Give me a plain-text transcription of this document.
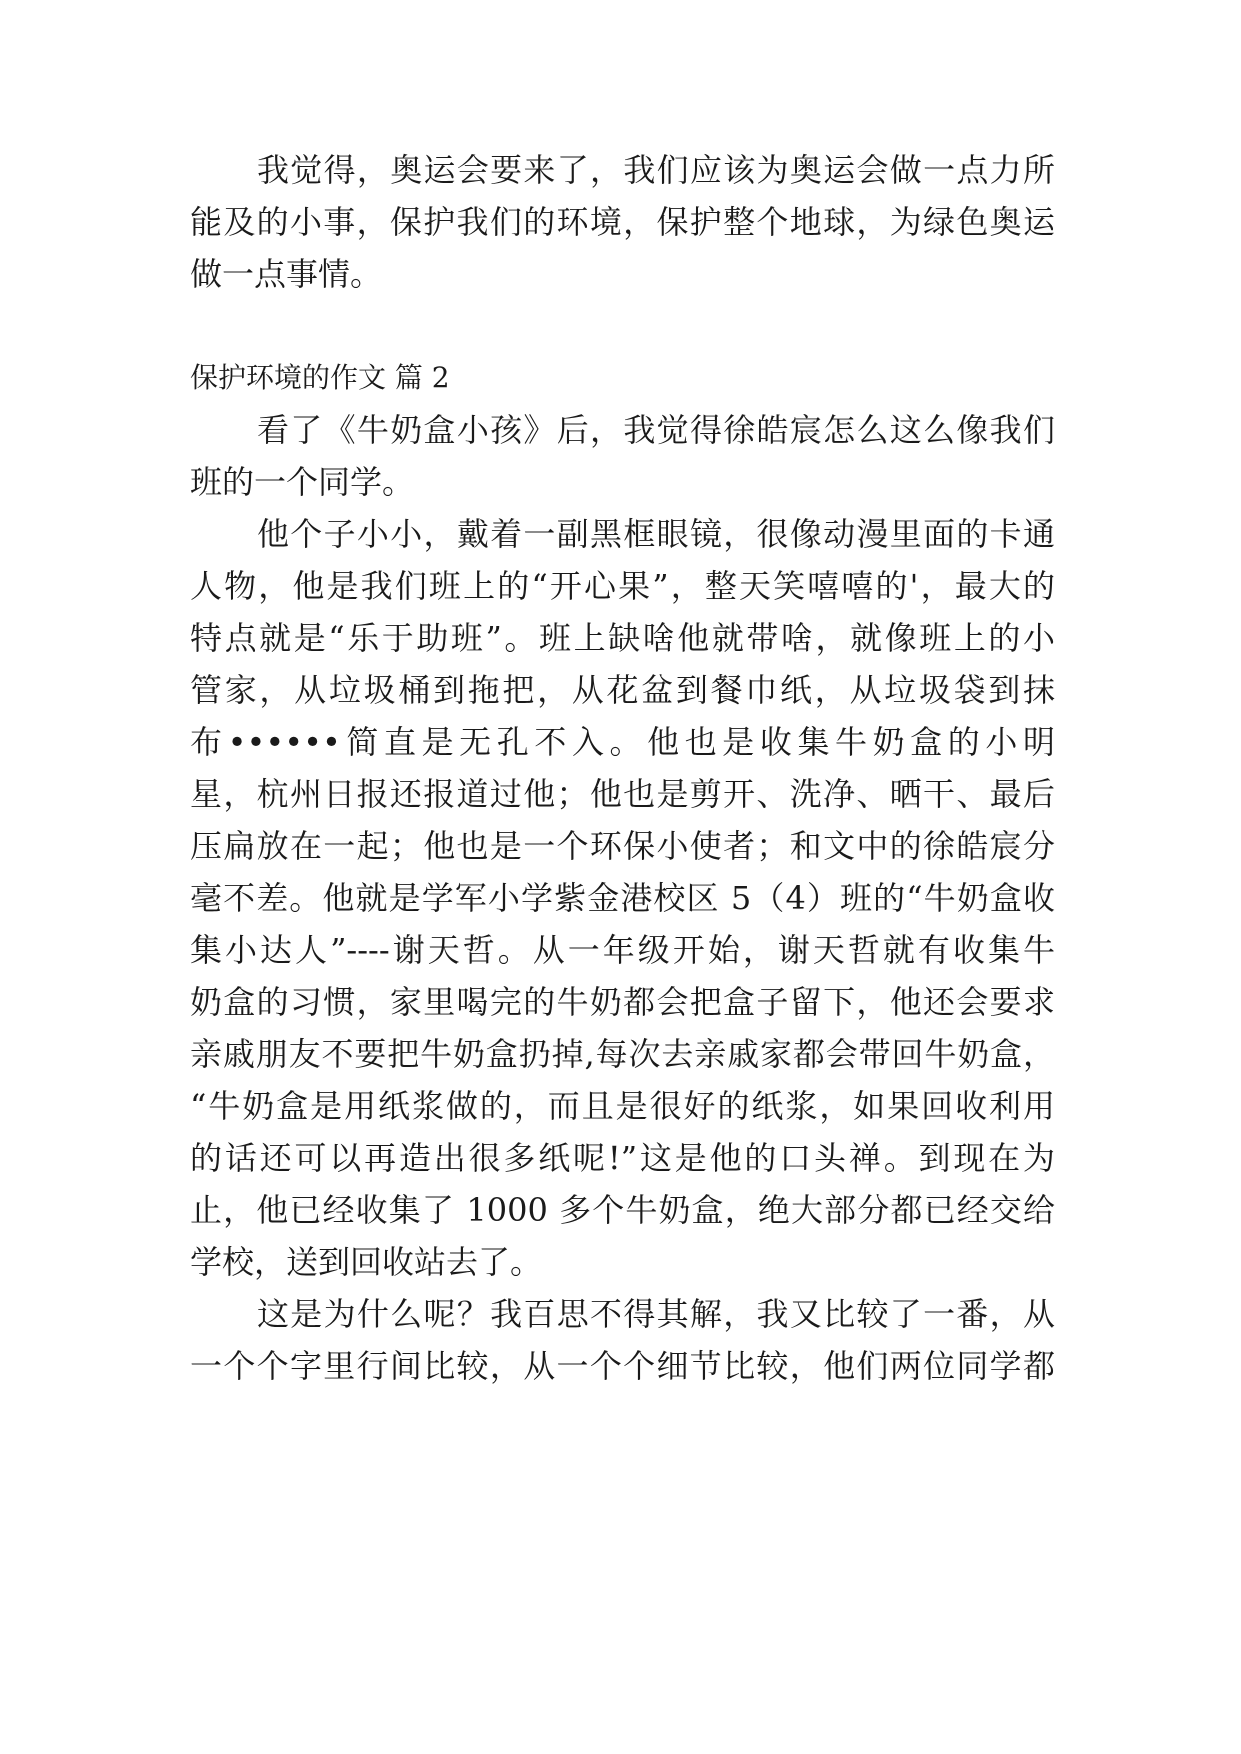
我觉得，奥运会要来了，我们应该为奥运会做一点力所
能及的小事，保护我们的环境，保护整个地球，为绿色奥运
做一点事情。
保护环境的作文 篇 2
看了《牛奶盒小孩》后，我觉得徐皓宸怎么这么像我们
班的一个同学。
他个子小小，戴着一副黑框眼镜，很像动漫里面的卡通
人物，他是我们班上的“开心果”，整天笑嘻嘻的'，最大的
特点就是“乐于助班”。班上缺啥他就带啥，就像班上的小
管家，从垃圾桶到拖把，从花盆到餐巾纸，从垃圾袋到抹
布••••••简直是无孔不入。他也是收集牛奶盒的小明
星，杭州日报还报道过他；他也是剪开、洗净、晒干、最后
压扁放在一起；他也是一个环保小使者；和文中的徐皓宸分
毫不差。他就是学军小学紫金港校区 5（4）班的“牛奶盒收
集小达人”----谢天哲。从一年级开始，谢天哲就有收集牛
奶盒的习惯，家里喝完的牛奶都会把盒子留下，他还会要求
亲戚朋友不要把牛奶盒扔掉,每次去亲戚家都会带回牛奶盒，
“牛奶盒是用纸浆做的，而且是很好的纸浆，如果回收利用
的话还可以再造出很多纸呢!”这是他的口头禅。到现在为
止，他已经收集了 1000 多个牛奶盒，绝大部分都已经交给
学校，送到回收站去了。
这是为什么呢？我百思不得其解，我又比较了一番，从
一个个字里行间比较，从一个个细节比较，他们两位同学都
